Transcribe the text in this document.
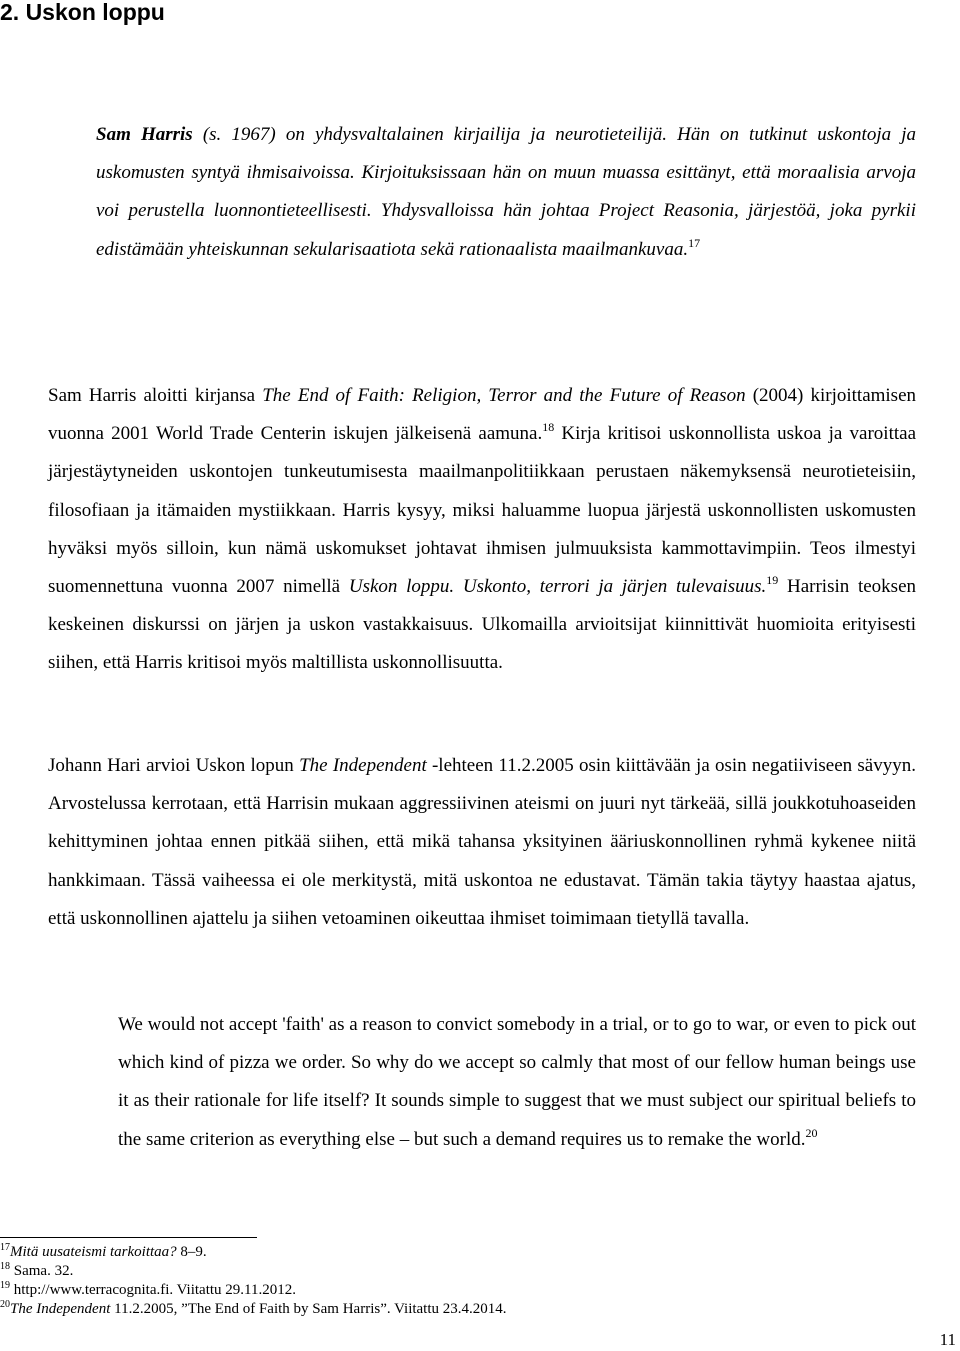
2. Uskon loppu

Sam Harris (s. 1967) on yhdysvaltalainen kirjailija ja neurotieteilijä. Hän on tutkinut uskontoja ja uskomusten syntyä ihmisaivoissa. Kirjoituksissaan hän on muun muassa esittänyt, että moraalisia arvoja voi perustella luonnontieteellisesti. Yhdysvalloissa hän johtaa Project Reasonia, järjestöä, joka pyrkii edistämään yhteiskunnan sekularisaatiota sekä rationaalista maailmankuvaa.$^{17}$

Sam Harris aloitti kirjansa The End of Faith: Religion, Terror and the Future of Reason (2004) kirjoittamisen vuonna 2001 World Trade Centerin iskujen jälkeisenä aamuna.$^{18}$ Kirja kritisoi uskonnollista uskoa ja varoittaa järjestäytyneiden uskontojen tunkeutumisesta maailmanpolitiikkaan perustaen näkemyksensä neurotieteisiin, filosofiaan ja itämaiden mystiikkaan. Harris kysyy, miksi haluamme luopua järjestä uskonnollisten uskomusten hyväksi myös silloin, kun nämä uskomukset johtavat ihmisen julmuuksista kammottavimpiin. Teos ilmestyi suomennettuna vuonna 2007 nimellä Uskon loppu. Uskonto, terrori ja järjen tulevaisuus.$^{19}$ Harrisin teoksen keskeinen diskurssi on järjen ja uskon vastakkaisuus. Ulkomailla arvioitsijat kiinnittivät huomioita erityisesti siihen, että Harris kritisoi myös maltillista uskonnollisuutta.

Johann Hari arvioi Uskon lopun The Independent -lehteen 11.2.2005 osin kiittävään ja osin negatiiviseen sävyyn. Arvostelussa kerrotaan, että Harrisin mukaan aggressiivinen ateismi on juuri nyt tärkeää, sillä joukkotuhoaseiden kehittyminen johtaa ennen pitkää siihen, että mikä tahansa yksityinen ääriuskonnollinen ryhmä kykenee niitä hankkimaan. Tässä vaiheessa ei ole merkitystä, mitä uskontoa ne edustavat. Tämän takia täytyy haastaa ajatus, että uskonnollinen ajattelu ja siihen vetoaminen oikeuttaa ihmiset toimimaan tietyllä tavalla.

We would not accept 'faith' as a reason to convict somebody in a trial, or to go to war, or even to pick out which kind of pizza we order. So why do we accept so calmly that most of our fellow human beings use it as their rationale for life itself? It sounds simple to suggest that we must subject our spiritual beliefs to the same criterion as everything else – but such a demand requires us to remake the world.$^{20}$

$^{17}$Mitä uusateismi tarkoittaa? 8–9.
$^{18}$ Sama. 32.
$^{19}$ http://www.terracognita.fi. Viitattu 29.11.2012.
$^{20}$The Independent 11.2.2005, ”The End of Faith by Sam Harris”. Viitattu 23.4.2014.
11
